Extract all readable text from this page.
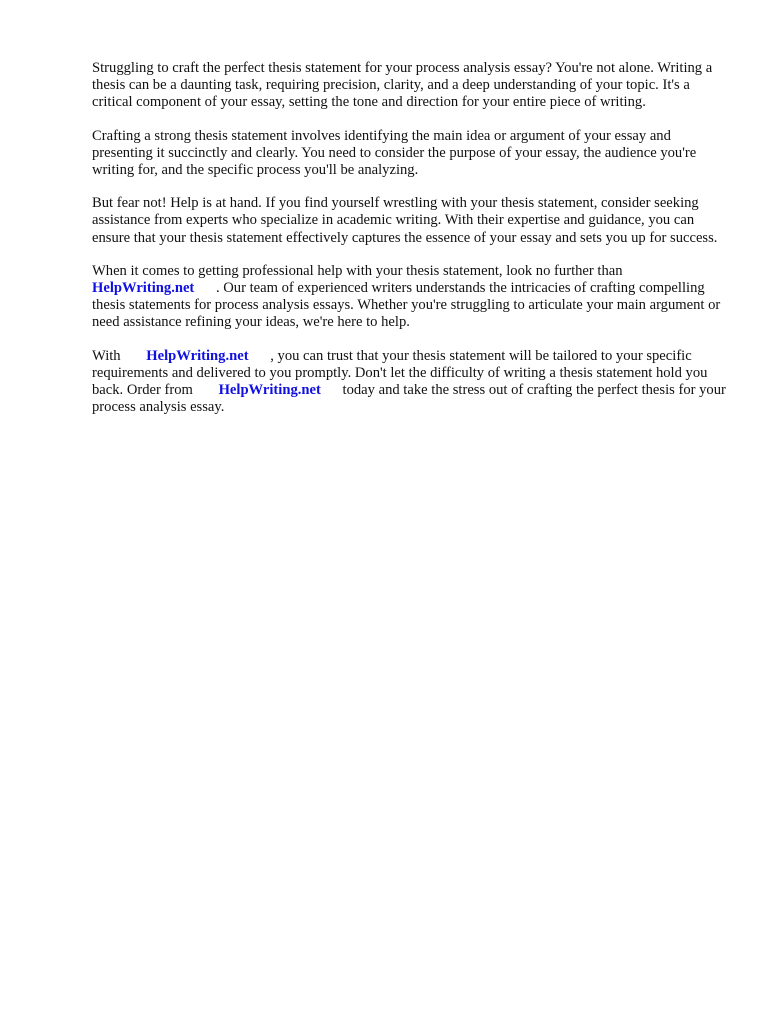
Struggling to craft the perfect thesis statement for your process analysis essay? You're not alone. Writing a thesis can be a daunting task, requiring precision, clarity, and a deep understanding of your topic. It's a critical component of your essay, setting the tone and direction for your entire piece of writing.

Crafting a strong thesis statement involves identifying the main idea or argument of your essay and presenting it succinctly and clearly. You need to consider the purpose of your essay, the audience you're writing for, and the specific process you'll be analyzing.

But fear not! Help is at hand. If you find yourself wrestling with your thesis statement, consider seeking assistance from experts who specialize in academic writing. With their expertise and guidance, you can ensure that your thesis statement effectively captures the essence of your essay and sets you up for success.

When it comes to getting professional help with your thesis statement, look no further than HelpWriting.net . Our team of experienced writers understands the intricacies of crafting compelling thesis statements for process analysis essays. Whether you're struggling to articulate your main argument or need assistance refining your ideas, we're here to help.

With HelpWriting.net , you can trust that your thesis statement will be tailored to your specific requirements and delivered to you promptly. Don't let the difficulty of writing a thesis statement hold you back. Order from HelpWriting.net today and take the stress out of crafting the perfect thesis for your process analysis essay.
